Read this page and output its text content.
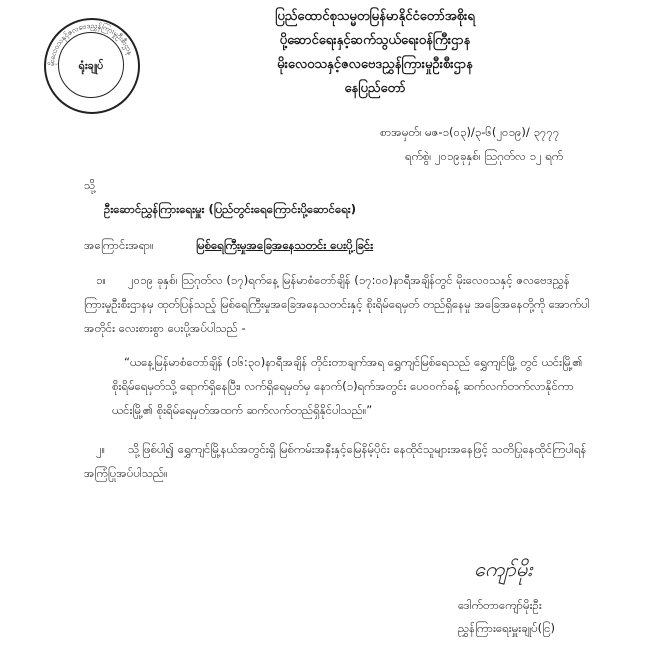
မိုးလေဝသနှင့်ဇလဗေဒညွှန်ကြားမှုဦးစီးဌာန
ရုံးချုပ်
ပြည်ထောင်စုသမ္မတမြန်မာနိုင်ငံတော်အစိုးရ
ပို့ဆောင်ရေးနှင့်ဆက်သွယ်ရေးဝန်ကြီးဌာန
မိုးလေဝသနှင့်ဇလဗေဒညွှန်ကြားမှုဦးစီးဌာန
နေပြည်တော်
စာအမှတ်၊ မဇ-၁(၀၃)/၃-၆(၂၀၁၉)/ ၃၇၇၇
ရက်စွဲ၊ ၂၀၁၉ခုနှစ်၊ ဩဂုတ်လ ၁၂ ရက်
သို့
ဦးဆောင်ညွှန်ကြားရေးမှူး (ပြည်တွင်းရေကြောင်းပို့ဆောင်ရေး)
အကြောင်းအရာ။	မြစ်ရေကြီးမှုအခြေအနေသတင်း ပေးပို့ခြင်း
၁။	၂၀၁၉ ခုနှစ်၊ ဩဂုတ်လ (၁၇)ရက်နေ့ မြန်မာစံတော်ချိန် (၁၇:၀၀)နာရီအချိန်တွင် မိုးလေဝသနှင့် ဇလဗေဒညွှန်ကြားမှုဦးစီးဌာနမှ ထုတ်ပြန်သည့် မြစ်ရေကြီးမှုအခြေအနေသတင်းနှင့် စိုးရိမ်ရေမှတ် တည်ရှိနေမှု အခြေအနေတို့ကို အောက်ပါအတိုင်း လေးစားစွာ ပေးပို့အပ်ပါသည် -
“ယနေ့မြန်မာစံတော်ချိန် (၁၆:၃၀)နာရီအချိန် တိုင်းတာချက်အရ ရွှေကျင်မြစ်ရေသည် ရွှေကျင်မြို့ တွင် ယင်းမြို့၏ စိုးရိမ်ရေမှတ်သို့ ရောက်ရှိနေပြီး၊ လက်ရှိရေမှတ်မှ နောက်(၁)ရက်အတွင်း ပေ၀ဝက်ခန့် ဆက်လက်တက်လာနိုင်ကာ ယင်းမြို့၏ စိုးရိမ်ရေမှတ်အထက် ဆက်လက်တည်ရှိနိုင်ပါသည်။”
၂။	သို့ဖြစ်ပါ၍ ရွှေကျင်မြို့နယ်အတွင်းရှိ မြစ်ကမ်းအနီးနှင့်မြေနိမ့်ပိုင်း နေထိုင်သူများအနေဖြင့် သတိပြုနေထိုင်ကြပါရန် အကြံပြုအပ်ပါသည်။
ကျော်မိုး
ဒေါက်တာကျော်မိုးဦး
ညွှန်ကြားရေးမှူးချုပ်(ငြ)
